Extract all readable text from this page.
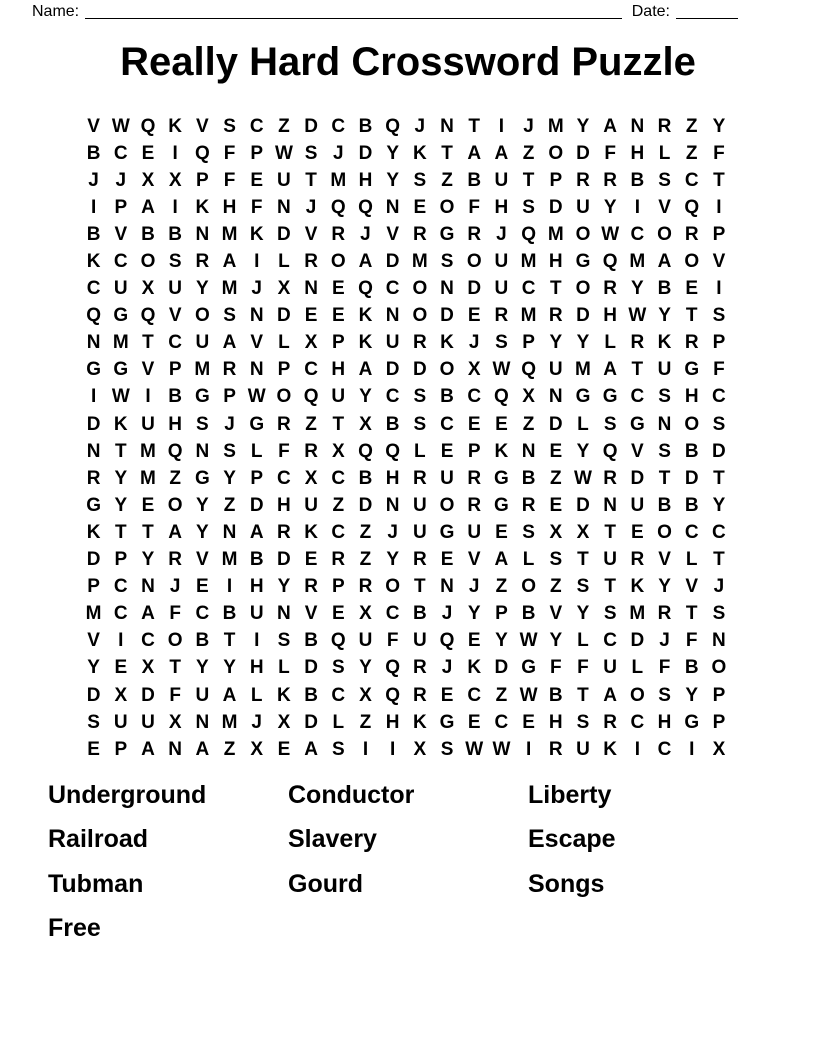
Name:	Date:
Really Hard Crossword Puzzle
V W Q K V S C Z D C B Q J N T I	J M Y A N R Z Y
B C E I Q F P W S J D Y K T A A Z O D F H L Z F
J J X X P F E U T M H Y S Z B U T P R R B S C T
I P A I K H F N J Q Q N E O F H S D U Y I V Q I
B V B B N M K D V R J V R G R J Q M O W C O R P
K C O S R A I L R O A D M S O U M H G Q M A O V
C U X U Y M J X N E Q C O N D U C T O R Y B E I
Q G Q V O S N D E E K N O D E R M R D H W Y T S
N M T C U A V L X P K U R K J S P Y Y L R K R P
G G V P M R N P C H A D D O X W Q U M A T U G F
I W I B G P W O Q U Y C S B C Q X N G G C S H C
D K U H S J G R Z T X B S C E E Z D L S G N O S
N T M Q N S L F R X Q Q L E P K N E Y Q V S B D
R Y M Z G Y P C X C B H R U R G B Z W R D T D T
G Y E O Y Z D H U Z D N U O R G R E D N U B B Y
K T T A Y N A R K C Z J U G U E S X X T E O C C
D P Y R V M B D E R Z Y R E V A L S T U R V L T
P C N J E I H Y R P R O T N J Z O Z S T K Y V J
M C A F C B U N V E X C B J Y P B V Y S M R T S
V I C O B T I S B Q U F U Q E Y W Y L C D J F N
Y E X T Y Y H L D S Y Q R J K D G F F U L F B O
D X D F U A L K B C X Q R E C Z W B T A O S Y P
S U U X N M J X D L Z H K G E C E H S R C H G P
E P A N A Z X E A S I	I X S W W I R U K I C I X
Underground
Railroad
Tubman
Free
Conductor
Slavery
Gourd
Liberty
Escape
Songs
